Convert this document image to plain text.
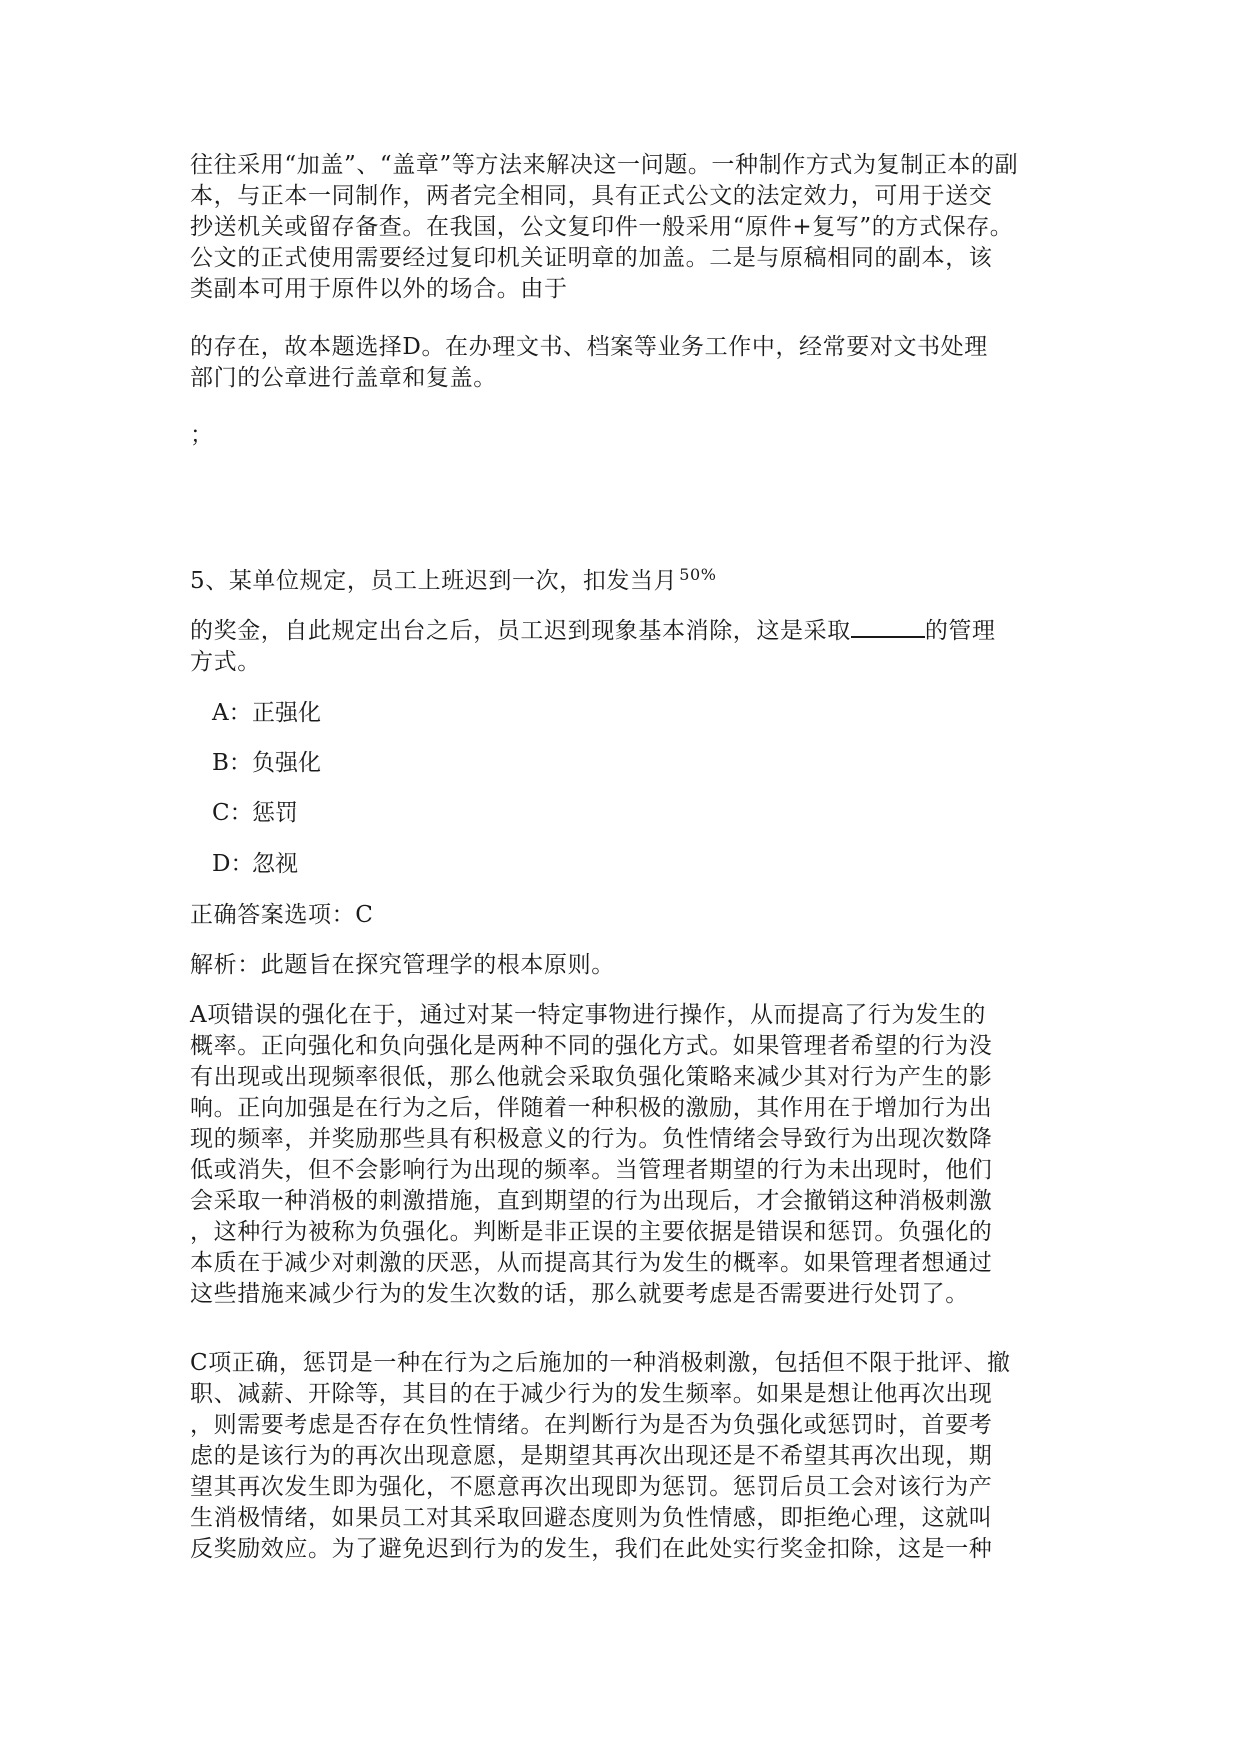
往往采用“加盖”、“盖章”等方法来解决这一问题。一种制作方式为复制正本的副
本，与正本一同制作，两者完全相同，具有正式公文的法定效力，可用于送交
抄送机关或留存备查。在我国，公文复印件一般采用“原件+复写”的方式保存。
公文的正式使用需要经过复印机关证明章的加盖。二是与原稿相同的副本，该
类副本可用于原件以外的场合。由于

的存在，故本题选择D。在办理文书、档案等业务工作中，经常要对文书处理
部门的公章进行盖章和复盖。

；

5、某单位规定，员工上班迟到一次，扣发当月 $^{50\%}$

的奖金，自此规定出台之后，员工迟到现象基本消除，这是采取	的管理
方式。

A：正强化

B：负强化

C：惩罚

D：忽视

正确答案选项：C

解析：此题旨在探究管理学的根本原则。

A项错误的强化在于，通过对某一特定事物进行操作，从而提高了行为发生的
概率。正向强化和负向强化是两种不同的强化方式。如果管理者希望的行为没
有出现或出现频率很低，那么他就会采取负强化策略来减少其对行为产生的影
响。正向加强是在行为之后，伴随着一种积极的激励，其作用在于增加行为出
现的频率，并奖励那些具有积极意义的行为。负性情绪会导致行为出现次数降
低或消失，但不会影响行为出现的频率。当管理者期望的行为未出现时，他们
会采取一种消极的刺激措施，直到期望的行为出现后，才会撤销这种消极刺激
，这种行为被称为负强化。判断是非正误的主要依据是错误和惩罚。负强化的
本质在于减少对刺激的厌恶，从而提高其行为发生的概率。如果管理者想通过
这些措施来减少行为的发生次数的话，那么就要考虑是否需要进行处罚了。

C项正确，惩罚是一种在行为之后施加的一种消极刺激，包括但不限于批评、撤
职、减薪、开除等，其目的在于减少行为的发生频率。如果是想让他再次出现
，则需要考虑是否存在负性情绪。在判断行为是否为负强化或惩罚时，首要考
虑的是该行为的再次出现意愿，是期望其再次出现还是不希望其再次出现，期
望其再次发生即为强化，不愿意再次出现即为惩罚。惩罚后员工会对该行为产
生消极情绪，如果员工对其采取回避态度则为负性情感，即拒绝心理，这就叫
反奖励效应。为了避免迟到行为的发生，我们在此处实行奖金扣除，这是一种
